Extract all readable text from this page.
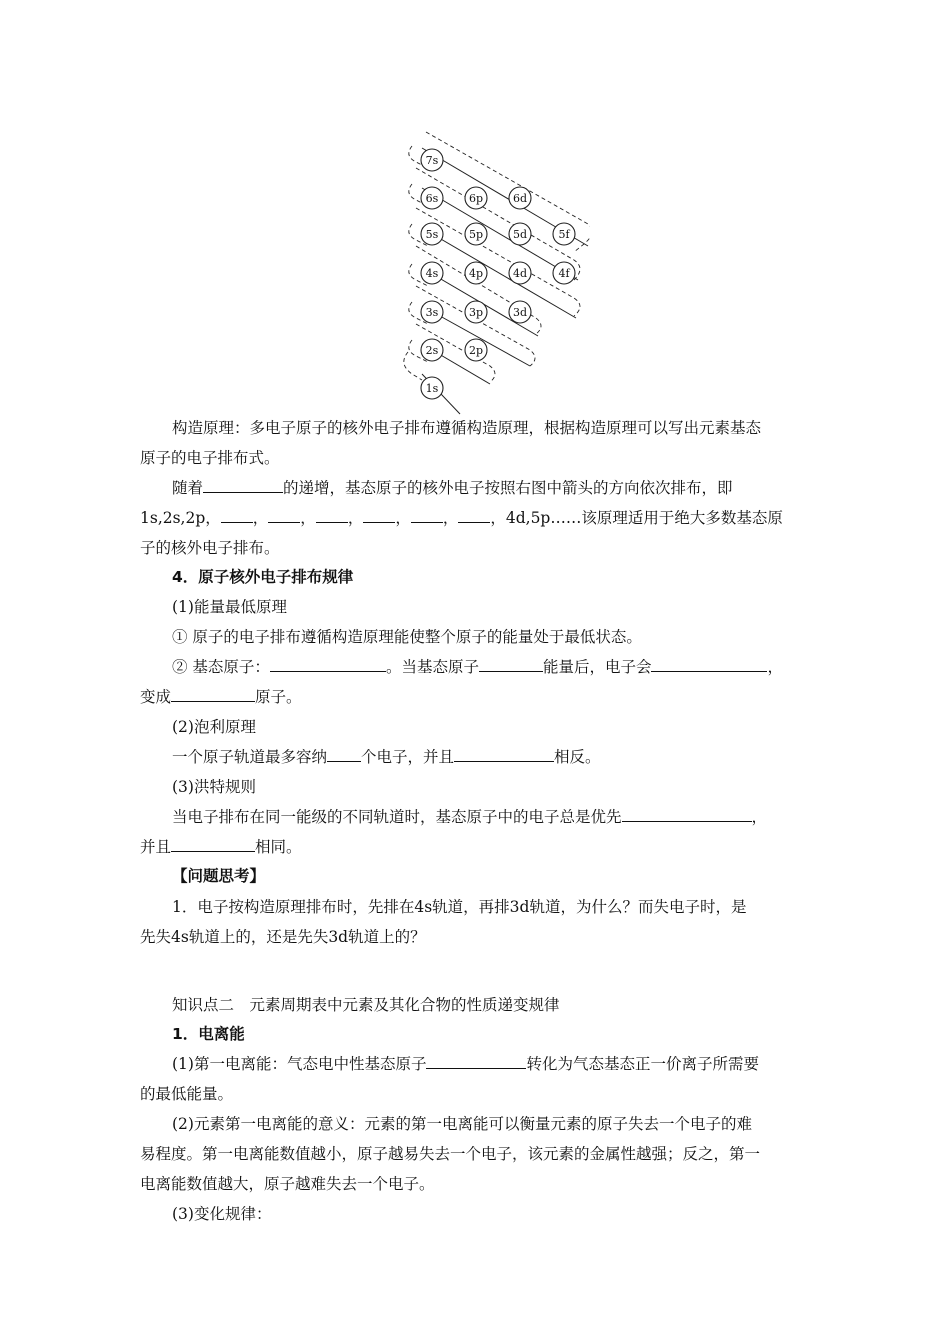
7s
6s	6p	6d
5s	5p	5d	5f
4s	4p	4d	4f
3s	3p	3d
2s	2p
1s
构造原理：多电子原子的核外电子排布遵循构造原理，根据构造原理可以写出元素基态
原子的电子排布式。
随着	的递增，基态原子的核外电子按照右图中箭头的方向依次排布，即
1s,2s,2p， ， ， ， ， ， ，4d,5p……该原理适用于绝大多数基态原
子的核外电子排布。
4．原子核外电子排布规律
(1)能量最低原理
① 原子的电子排布遵循构造原理能使整个原子的能量处于最低状态。
② 基态原子：	。当基态原子	能量后，电子会	，
变成	原子。
(2)泡利原理
一个原子轨道最多容纳 个电子，并且	相反。
(3)洪特规则
当电子排布在同一能级的不同轨道时，基态原子中的电子总是优先	，
并且	相同。
【问题思考】
1．电子按构造原理排布时，先排在4s轨道，再排3d轨道，为什么？而失电子时，是
先失4s轨道上的，还是先失3d轨道上的？
知识点二　元素周期表中元素及其化合物的性质递变规律
1．电离能
(1)第一电离能：气态电中性基态原子	转化为气态基态正一价离子所需要
的最低能量。
(2)元素第一电离能的意义：元素的第一电离能可以衡量元素的原子失去一个电子的难
易程度。第一电离能数值越小，原子越易失去一个电子，该元素的金属性越强；反之，第一
电离能数值越大，原子越难失去一个电子。
(3)变化规律：
